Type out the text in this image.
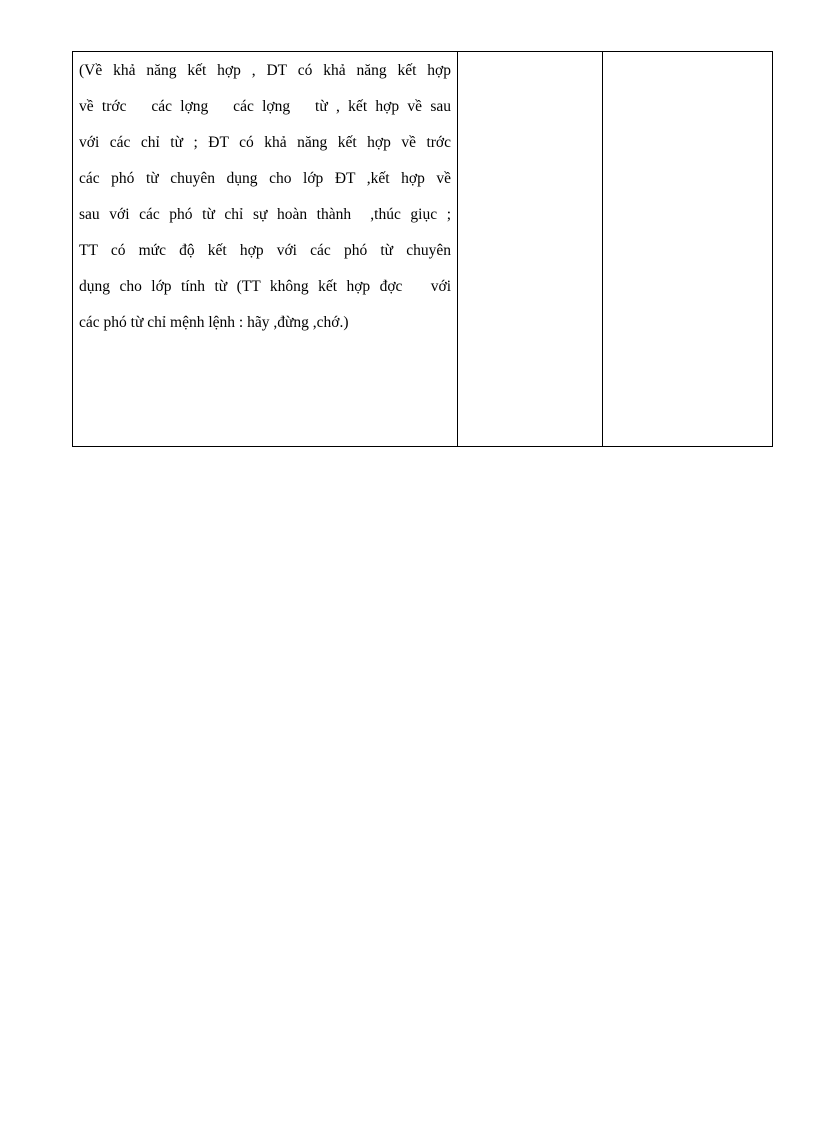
(Về khả năng kết hợp , DT có khả năng kết hợp
về trớc   các lợng   các lợng   từ , kết hợp về sau
với các chỉ từ ; ĐT có khả năng kết hợp về trớc
các phó từ chuyên dụng cho lớp ĐT ,kết hợp về
sau với các phó từ chỉ sự hoàn thành  ,thúc giục ;
TT có mức độ kết hợp với các phó từ chuyên
dụng cho lớp tính từ (TT không kết hợp đợc   với
các phó từ chỉ mệnh lệnh : hãy ,đừng ,chớ.)
